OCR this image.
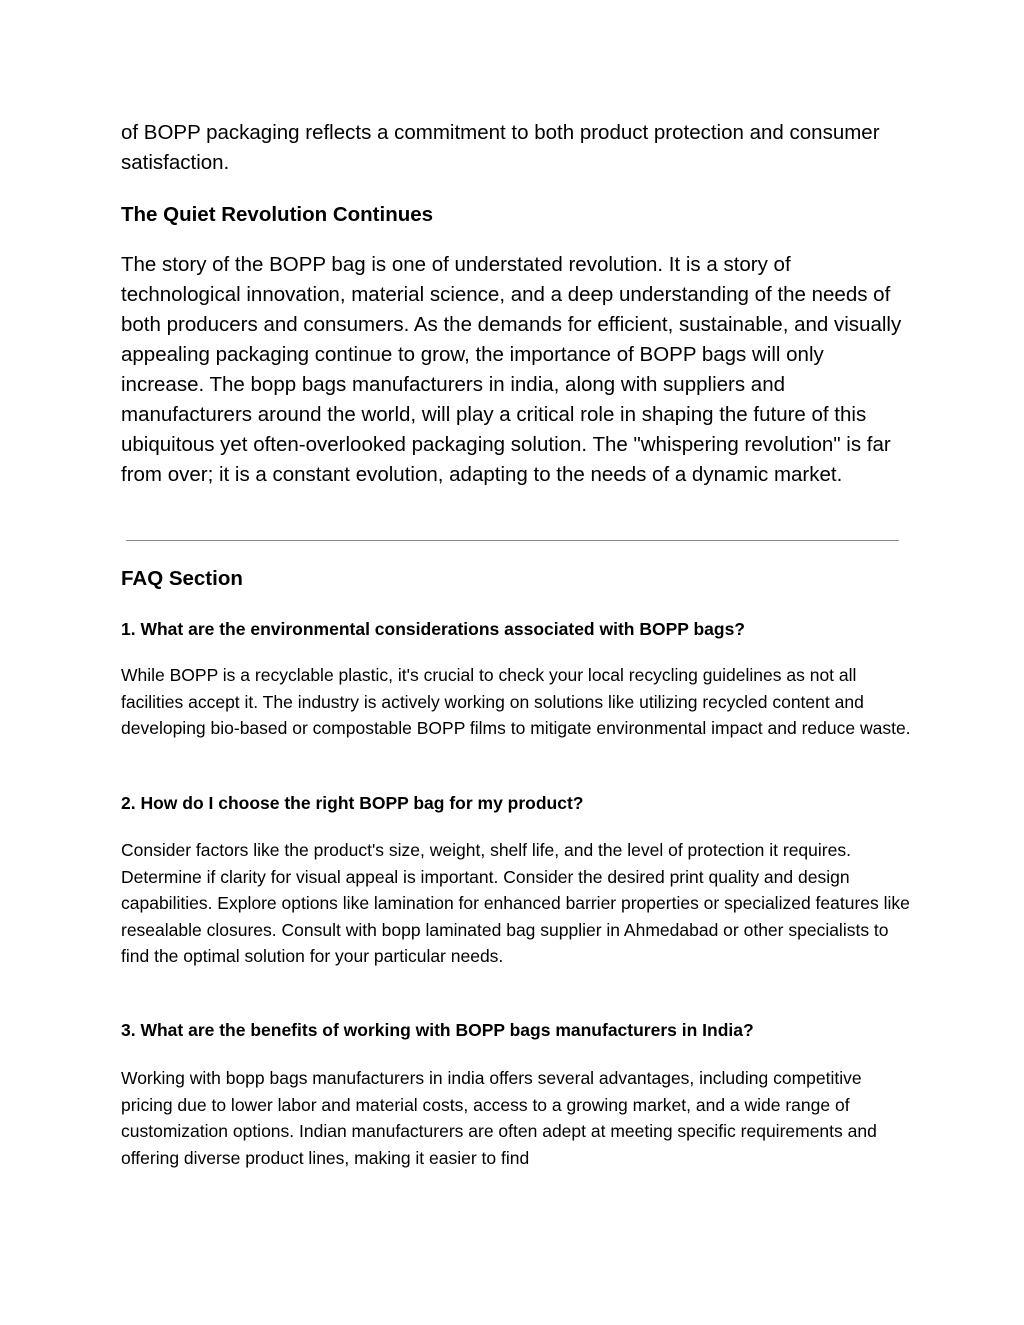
of BOPP packaging reflects a commitment to both product protection and consumer satisfaction.

The Quiet Revolution Continues

The story of the BOPP bag is one of understated revolution. It is a story of technological innovation, material science, and a deep understanding of the needs of both producers and consumers. As the demands for efficient, sustainable, and visually appealing packaging continue to grow, the importance of BOPP bags will only increase. The bopp bags manufacturers in india, along with suppliers and manufacturers around the world, will play a critical role in shaping the future of this ubiquitous yet often-overlooked packaging solution. The "whispering revolution" is far from over; it is a constant evolution, adapting to the needs of a dynamic market.

FAQ Section
1. What are the environmental considerations associated with BOPP bags?

While BOPP is a recyclable plastic, it's crucial to check your local recycling guidelines as not all facilities accept it. The industry is actively working on solutions like utilizing recycled content and developing bio-based or compostable BOPP films to mitigate environmental impact and reduce waste.

2. How do I choose the right BOPP bag for my product?

Consider factors like the product's size, weight, shelf life, and the level of protection it requires. Determine if clarity for visual appeal is important. Consider the desired print quality and design capabilities. Explore options like lamination for enhanced barrier properties or specialized features like resealable closures. Consult with bopp laminated bag supplier in Ahmedabad or other specialists to find the optimal solution for your particular needs.

3. What are the benefits of working with BOPP bags manufacturers in India?

Working with bopp bags manufacturers in india offers several advantages, including competitive pricing due to lower labor and material costs, access to a growing market, and a wide range of customization options. Indian manufacturers are often adept at meeting specific requirements and offering diverse product lines, making it easier to find
